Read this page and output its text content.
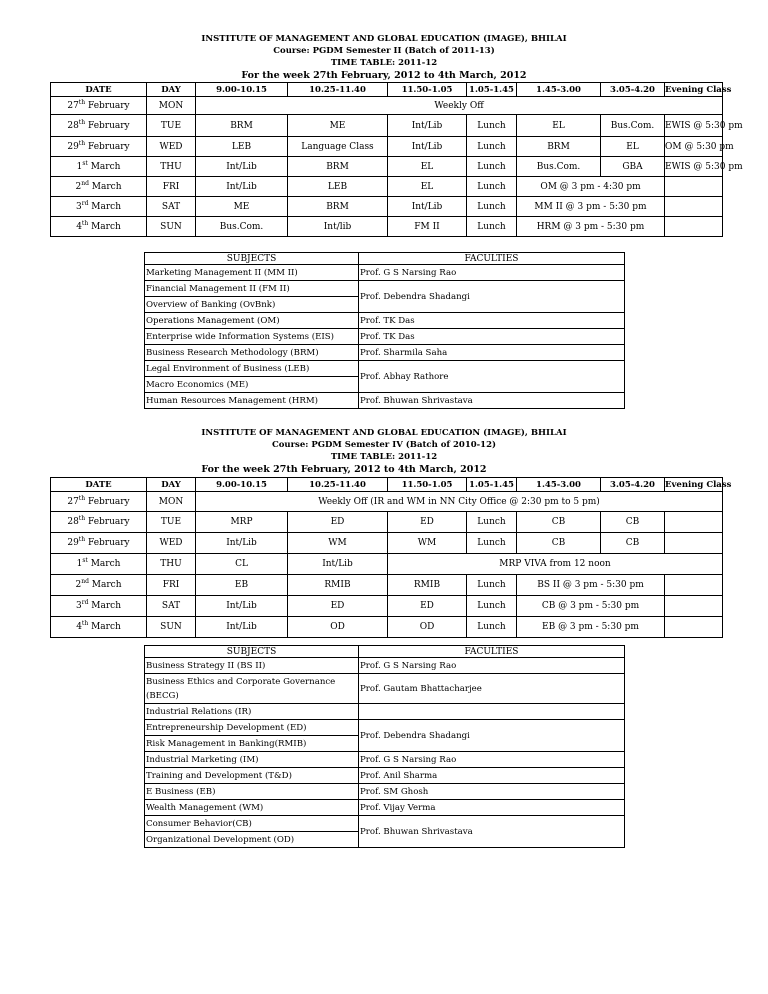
INSTITUTE OF MANAGEMENT AND GLOBAL EDUCATION (IMAGE), BHILAI
Course: PGDM Semester II (Batch of 2011-13)
TIME TABLE: 2011-12
For the week 27th February, 2012 to 4th March, 2012
DATE	DAY	9.00-10.15	10.25-11.40	11.50-1.05	1.05-1.45	1.45-3.00	3.05-4.20	Evening Class
27th February	MON	Weekly Off						
28th February	TUE	BRM	ME	Int/Lib	Lunch	EL	Bus.Com.	EWIS @ 5:30 pm
29th February	WED	LEB	Language Class	Int/Lib	Lunch	BRM	EL	OM @ 5:30 pm
1st March	THU	Int/Lib	BRM	EL	Lunch	Bus.Com.	GBA	EWIS @ 5:30 pm
2nd March	FRI	Int/Lib	LEB	EL	Lunch	OM @ 3 pm - 4:30 pm		
3rd March	SAT	ME	BRM	Int/Lib	Lunch	MM II @ 3 pm - 5:30 pm		
4th March	SUN	Bus.Com.	Int/lib	FM II	Lunch	HRM @ 3 pm - 5:30 pm		
SUBJECTS	FACULTIES
Marketing Management II (MM II)	Prof. G S Narsing Rao
Financial Management II (FM II)	Prof. Debendra Shadangi
Overview of Banking (OvBnk)	
Operations Management (OM)	Prof. TK Das
Enterprise wide Information Systems (EIS)	Prof. TK Das
Business Research Methodology (BRM)	Prof. Sharmila Saha
Legal Environment of Business (LEB)	Prof. Abhay Rathore
Macro Economics (ME)	
Human Resources Management (HRM)	Prof. Bhuwan Shrivastava
INSTITUTE OF MANAGEMENT AND GLOBAL EDUCATION (IMAGE), BHILAI
Course: PGDM Semester IV (Batch of 2010-12)
TIME TABLE: 2011-12
For the week 27th February, 2012 to 4th March, 2012
DATE	DAY	9.00-10.15	10.25-11.40	11.50-1.05	1.05-1.45	1.45-3.00	3.05-4.20	Evening Class
27th February	MON	Weekly Off (IR and WM in NN City Office @ 2:30 pm to 5 pm)						
28th February	TUE	MRP	ED	ED	Lunch	CB	CB	
29th February	WED	Int/Lib	WM	WM	Lunch	CB	CB	
1st March	THU	CL	Int/Lib	MRP VIVA from 12 noon				
2nd March	FRI	EB	RMIB	RMIB	Lunch	BS II @ 3 pm - 5:30 pm		
3rd March	SAT	Int/Lib	ED	ED	Lunch	CB @ 3 pm - 5:30 pm		
4th March	SUN	Int/Lib	OD	OD	Lunch	EB @ 3 pm - 5:30 pm		
SUBJECTS	FACULTIES
Business Strategy II (BS II)	Prof. G S Narsing Rao
Business Ethics and Corporate Governance	Prof. Gautam Bhattacharjee
(BECG)	
Industrial Relations (IR)	
Entrepreneurship Development (ED)	Prof. Debendra Shadangi
Risk Management in Banking(RMIB)	
Industrial Marketing (IM)	Prof. G S Narsing Rao
Training and Development (T&D)	Prof. Anil Sharma
E Business (EB)	Prof. SM Ghosh
Wealth Management (WM)	Prof. Vijay Verma
Consumer Behavior(CB)	Prof. Bhuwan Shrivastava
Organizational Development (OD)	
